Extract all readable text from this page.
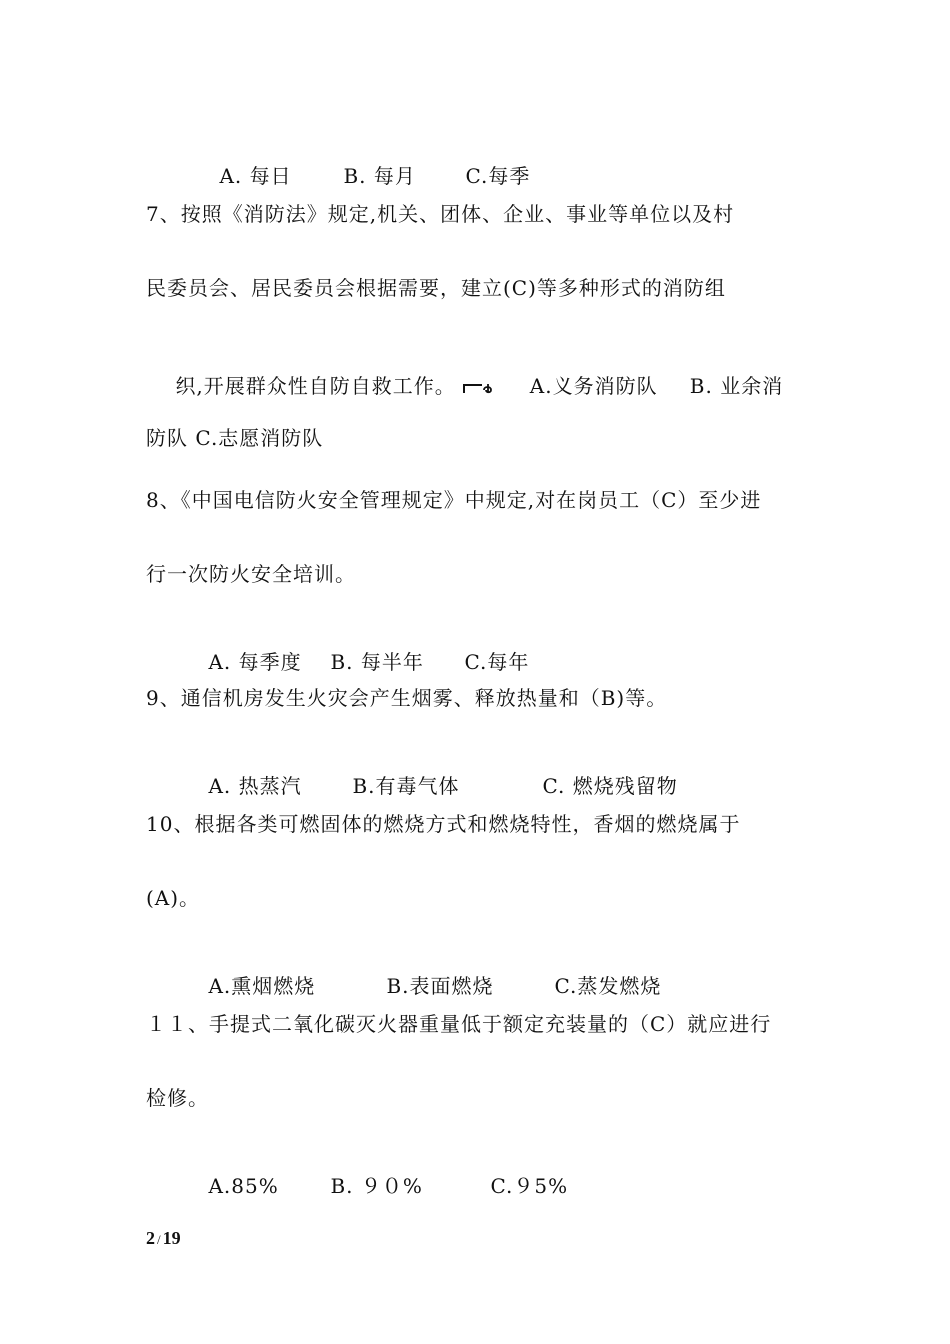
A. 每日	B. 每月 C.每季

7、按照《消防法》规定,机关、团体、企业、事业等单位以及村
民委员会、居民委员会根据需要，建立(C)等多种形式的消防组

织,开展群众性自防自救工作。	A.义务消防队 B. 业余消

防队 C.志愿消防队
8、《中国电信防火安全管理规定》中规定,对在岗员工（C）至少进
行一次防火安全培训。

A. 每季度 B. 每半年 C.每年

9、通信机房发生火灾会产生烟雾、释放热量和（B)等。

A. 热蒸汽	B.有毒气体	C. 燃烧残留物

10、根据各类可燃固体的燃烧方式和燃烧特性，香烟的燃烧属于
(A)。

A.熏烟燃烧	B.表面燃烧	C.蒸发燃烧

１１、手提式二氧化碳灭火器重量低于额定充装量的（C）就应进行
检修。

A.85%	B. ９０%	C.９5%

2 / 19
